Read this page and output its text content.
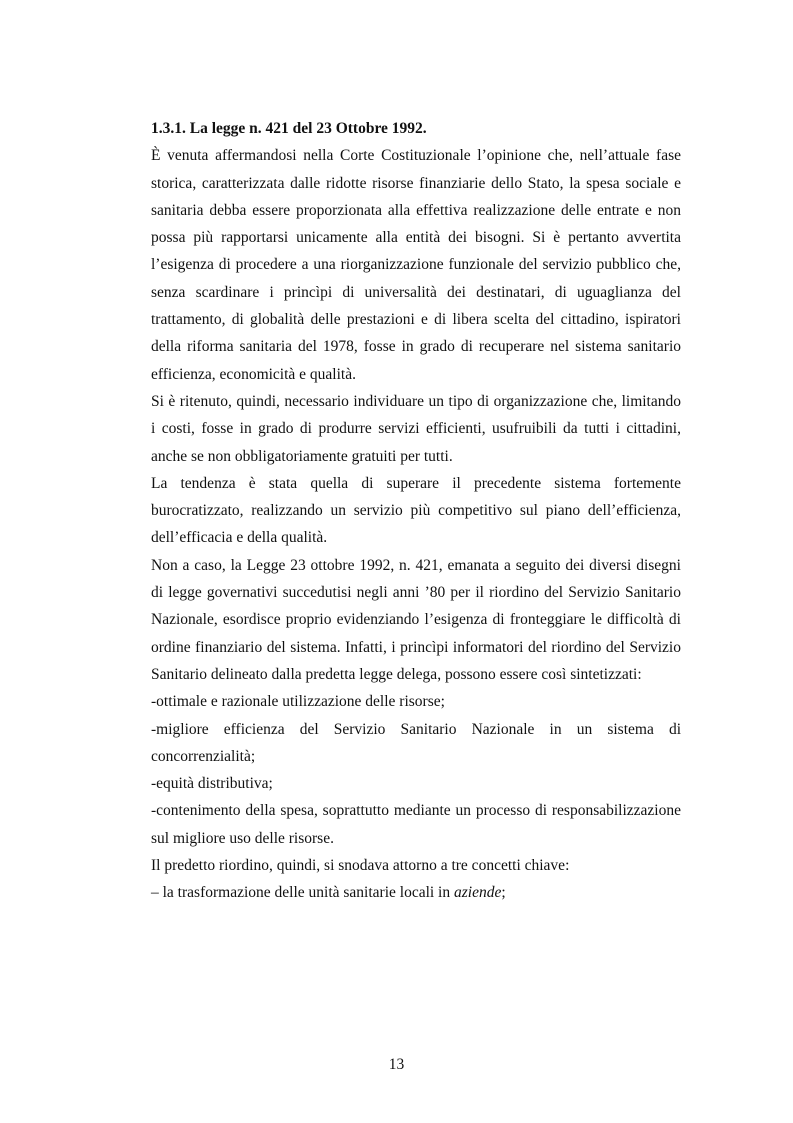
1.3.1. La legge n. 421 del 23 Ottobre 1992.

È venuta affermandosi nella Corte Costituzionale l’opinione che, nell’attuale fase storica, caratterizzata dalle ridotte risorse finanziarie dello Stato, la spesa sociale e sanitaria debba essere proporzionata alla effettiva realizzazione delle entrate e non possa più rapportarsi unicamente alla entità dei bisogni. Si è pertanto avvertita l’esigenza di procedere a una riorganizzazione funzionale del servizio pubblico che, senza scardinare i princìpi di universalità dei destinatari, di uguaglianza del trattamento, di globalità delle prestazioni e di libera scelta del cittadino, ispiratori della riforma sanitaria del 1978, fosse in grado di recuperare nel sistema sanitario efficienza, economicità e qualità.

Si è ritenuto, quindi, necessario individuare un tipo di organizzazione che, limitando i costi, fosse in grado di produrre servizi efficienti, usufruibili da tutti i cittadini, anche se non obbligatoriamente gratuiti per tutti.

La tendenza è stata quella di superare il precedente sistema fortemente burocratizzato, realizzando un servizio più competitivo sul piano dell’efficienza, dell’efficacia e della qualità.

Non a caso, la Legge 23 ottobre 1992, n. 421, emanata a seguito dei diversi disegni di legge governativi succedutisi negli anni ’80 per il riordino del Servizio Sanitario Nazionale, esordisce proprio evidenziando l’esigenza di fronteggiare le difficoltà di ordine finanziario del sistema. Infatti, i princìpi informatori del riordino del Servizio Sanitario delineato dalla predetta legge delega, possono essere così sintetizzati:

-ottimale e razionale utilizzazione delle risorse;

-migliore efficienza del Servizio Sanitario Nazionale in un sistema di concorrenzialità;

-equità distributiva;

-contenimento della spesa, soprattutto mediante un processo di responsabilizzazione sul migliore uso delle risorse.

Il predetto riordino, quindi, si snodava attorno a tre concetti chiave:
– la trasformazione delle unità sanitarie locali in aziende;
13
